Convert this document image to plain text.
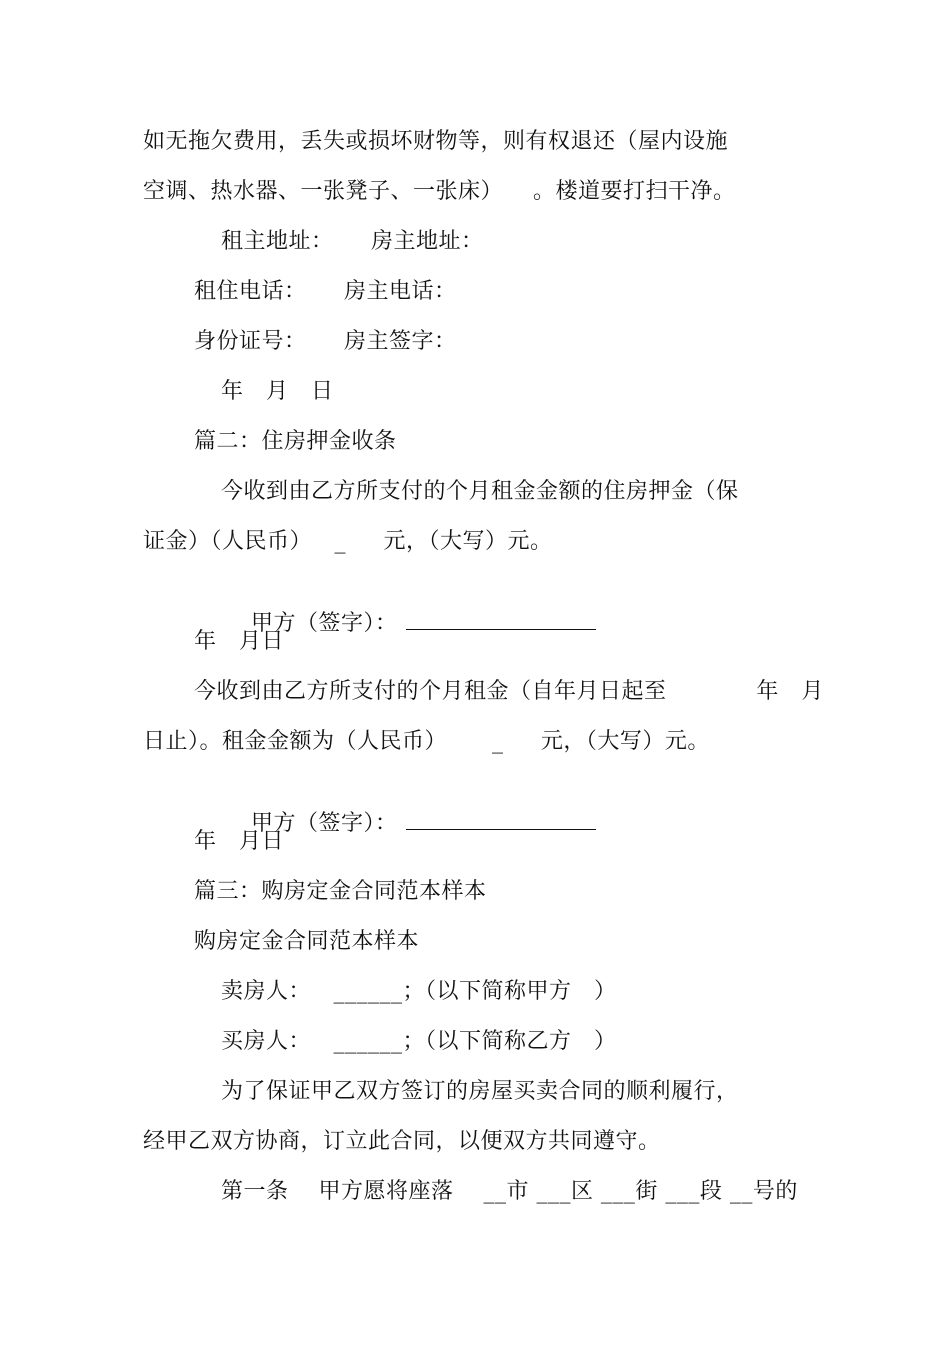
如无拖欠费用，丢失或损坏财物等，则有权退还（屋内设施
空调、热水器、一张凳子、一张床）    。楼道要打扫干净。
租主地址：     房主地址：
租住电话：     房主电话：
身份证号：     房主签字：
年   月   日
篇二：住房押金收条
今收到由乙方所支付的个月租金金额的住房押金（保
证金）（人民币）   _     元，（大写）元。

甲方（签字）：

年   月日
今收到由乙方所支付的个月租金（自年月日起至            年   月
日止）。租金金额为（人民币）      _     元，（大写）元。

甲方（签字）：

年   月日
篇三：购房定金合同范本样本
购房定金合同范本样本
卖房人：   ______；（以下简称甲方   ）
买房人：   ______；（以下简称乙方   ）
为了保证甲乙双方签订的房屋买卖合同的顺利履行，
经甲乙双方协商，订立此合同，以便双方共同遵守。
第一条    甲方愿将座落    __市 ___区 ___街 ___段 __号的
